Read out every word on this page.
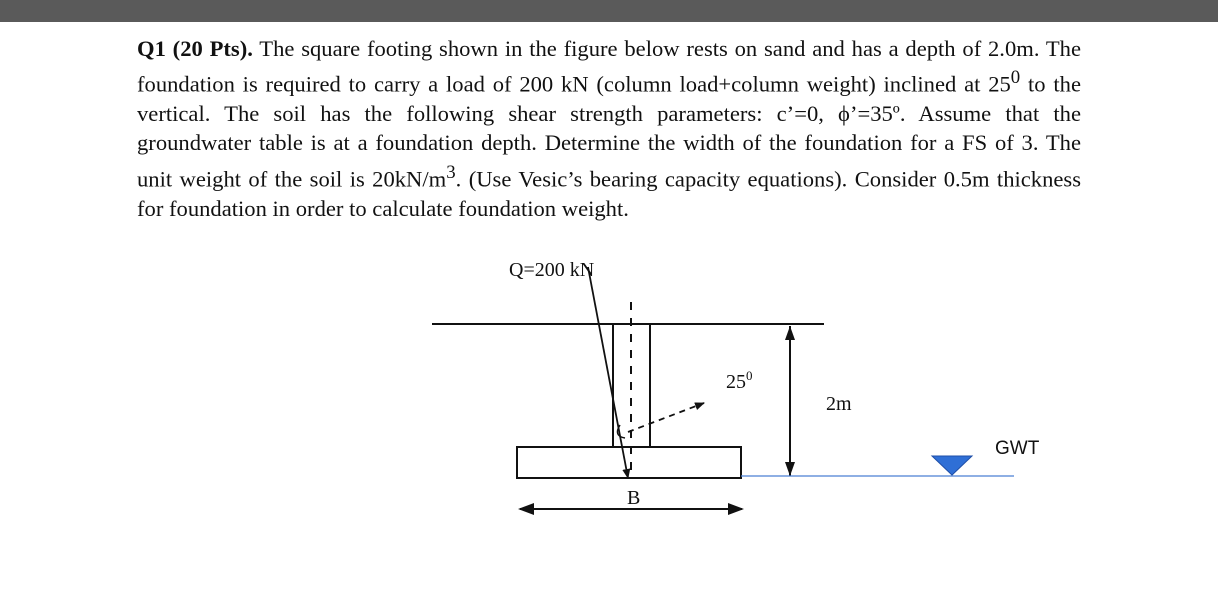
Q1 (20 Pts). The square footing shown in the figure below rests on sand and has a depth of 2.0m. The foundation is required to carry a load of 200 kN (column load+column weight) inclined at $25^0$ to the vertical. The soil has the following shear strength parameters: c’=0, ϕ’=35º. Assume that the groundwater table is at a foundation depth. Determine the width of the foundation for a FS of 3. The unit weight of the soil is $20kN/m^3$. (Use Vesic’s bearing capacity equations). Consider 0.5m thickness for foundation in order to calculate foundation weight.

Q=200 kN
$25^0$
2m
GWT
B
